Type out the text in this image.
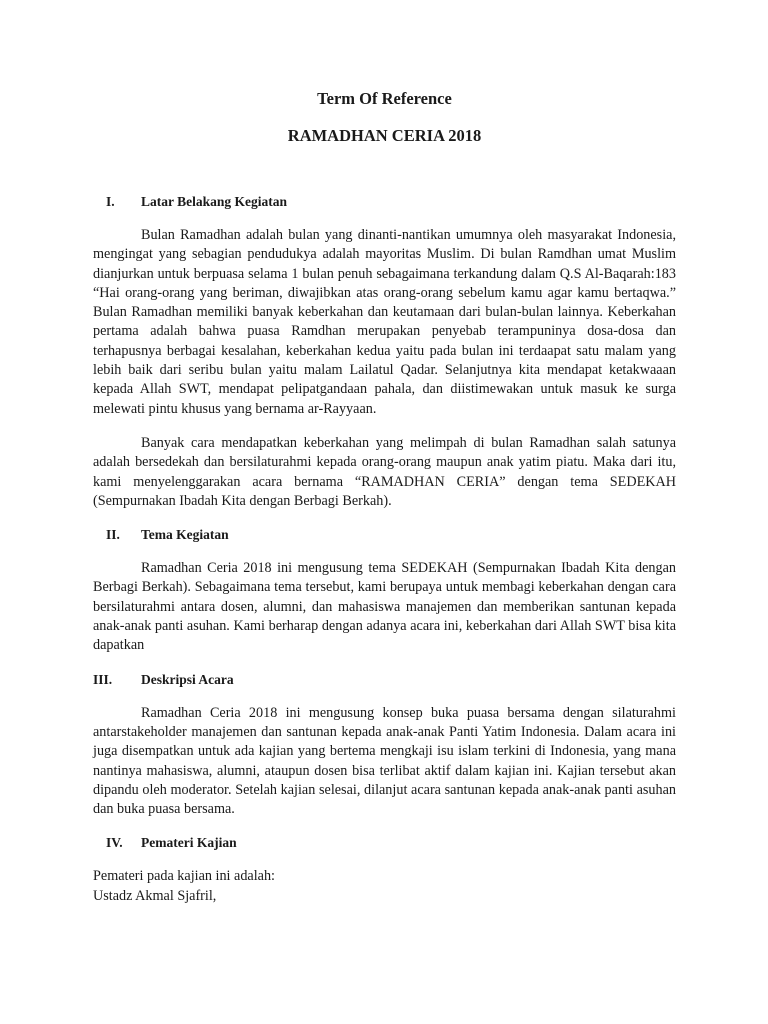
Term Of Reference

RAMADHAN CERIA 2018

I.	Latar Belakang Kegiatan

Bulan Ramadhan adalah bulan yang dinanti-nantikan umumnya oleh masyarakat Indonesia, mengingat yang sebagian pendudukya adalah mayoritas Muslim. Di bulan Ramdhan umat Muslim dianjurkan untuk berpuasa selama 1 bulan penuh sebagaimana terkandung dalam Q.S Al-Baqarah:183 “Hai orang-orang yang beriman, diwajibkan atas orang-orang sebelum kamu agar kamu bertaqwa.” Bulan Ramadhan memiliki banyak keberkahan dan keutamaan dari bulan-bulan lainnya. Keberkahan pertama adalah bahwa puasa Ramdhan merupakan penyebab terampuninya dosa-dosa dan terhapusnya berbagai kesalahan, keberkahan kedua yaitu pada bulan ini terdaapat satu malam yang lebih baik dari seribu bulan yaitu malam Lailatul Qadar. Selanjutnya kita mendapat ketakwaaan kepada Allah SWT, mendapat pelipatgandaan pahala, dan diistimewakan untuk masuk ke surga melewati pintu khusus yang bernama ar-Rayyaan.

Banyak cara mendapatkan keberkahan yang melimpah di bulan Ramadhan salah satunya adalah bersedekah dan bersilaturahmi kepada orang-orang maupun anak yatim piatu. Maka dari itu, kami menyelenggarakan acara bernama “RAMADHAN CERIA” dengan tema SEDEKAH (Sempurnakan Ibadah Kita dengan Berbagi Berkah).

II.	Tema Kegiatan

Ramadhan Ceria 2018 ini mengusung tema SEDEKAH (Sempurnakan Ibadah Kita dengan Berbagi Berkah). Sebagaimana tema tersebut, kami berupaya untuk membagi keberkahan dengan cara bersilaturahmi antara dosen, alumni, dan mahasiswa manajemen dan memberikan santunan kepada anak-anak panti asuhan. Kami berharap dengan adanya acara ini, keberkahan dari Allah SWT bisa kita dapatkan

III.	Deskripsi Acara

Ramadhan Ceria 2018 ini mengusung konsep buka puasa bersama dengan silaturahmi antarstakeholder manajemen dan santunan kepada anak-anak Panti Yatim Indonesia. Dalam acara ini juga disempatkan untuk ada kajian yang bertema mengkaji isu islam terkini di Indonesia, yang mana nantinya mahasiswa, alumni, ataupun dosen bisa terlibat aktif dalam kajian ini. Kajian tersebut akan dipandu oleh moderator. Setelah kajian selesai, dilanjut acara santunan kepada anak-anak panti asuhan dan buka puasa bersama.

IV.	Pemateri Kajian

Pemateri pada kajian ini adalah:

Ustadz Akmal Sjafril,
